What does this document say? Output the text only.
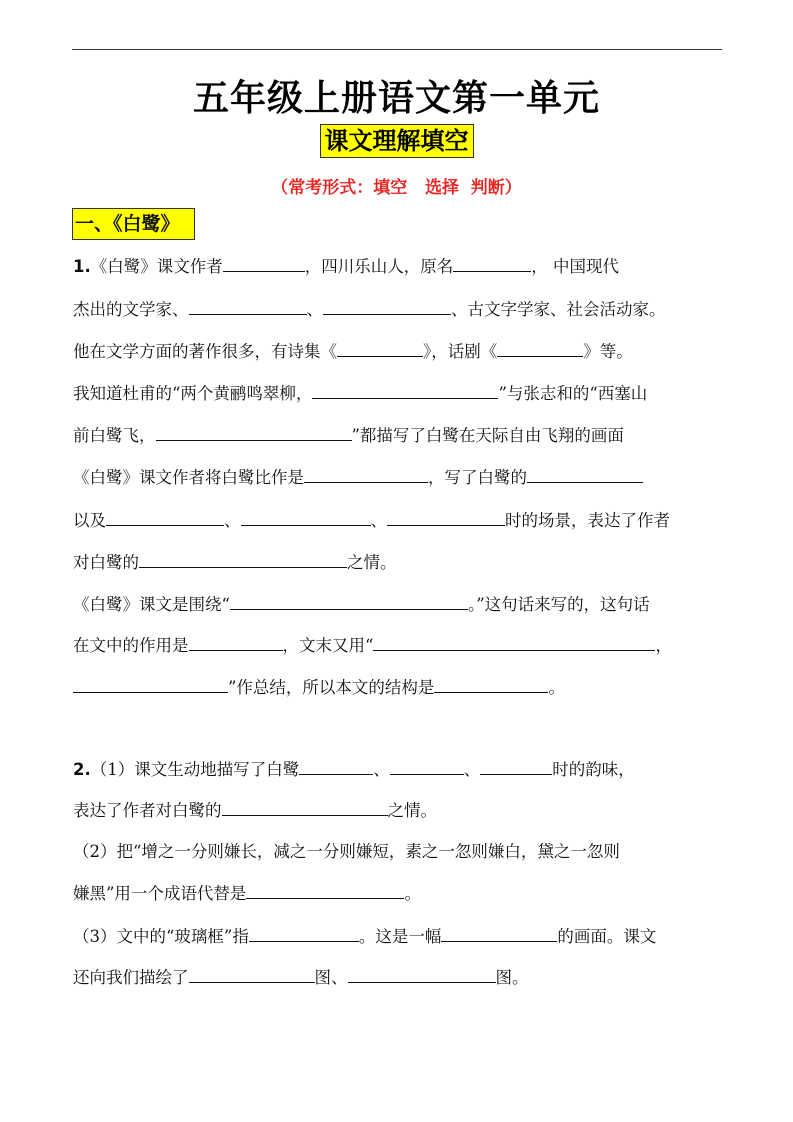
五年级上册语文第一单元
课文理解填空
（常考形式：填空   选择  判断）
一、《白鹭》
1.《白鹭》课文作者	，四川乐山人，原名	， 中国现代
杰出的文学家、	、	、古文字学家、社会活动家。
他在文学方面的著作很多，有诗集《	》，话剧《	》等。
我知道杜甫的“两个黄鹂鸣翠柳，	”与张志和的“西塞山
前白鹭飞，	”都描写了白鹭在天际自由飞翔的画面
《白鹭》课文作者将白鹭比作是	，写了白鹭的
以及	、	、	时的场景，表达了作者
对白鹭的	之情。
《白鹭》课文是围绕“	。”这句话来写的，这句话
在文中的作用是	，文末又用“	，
”作总结，所以本文的结构是	。
2.（1）课文生动地描写了白鹭	、	、	时的韵味，
表达了作者对白鹭的	之情。
（2）把“增之一分则嫌长，减之一分则嫌短，素之一忽则嫌白，黛之一忽则
嫌黑”用一个成语代替是	。
（3）文中的“玻璃框”指	。这是一幅	的画面。课文
还向我们描绘了	图、	图。
